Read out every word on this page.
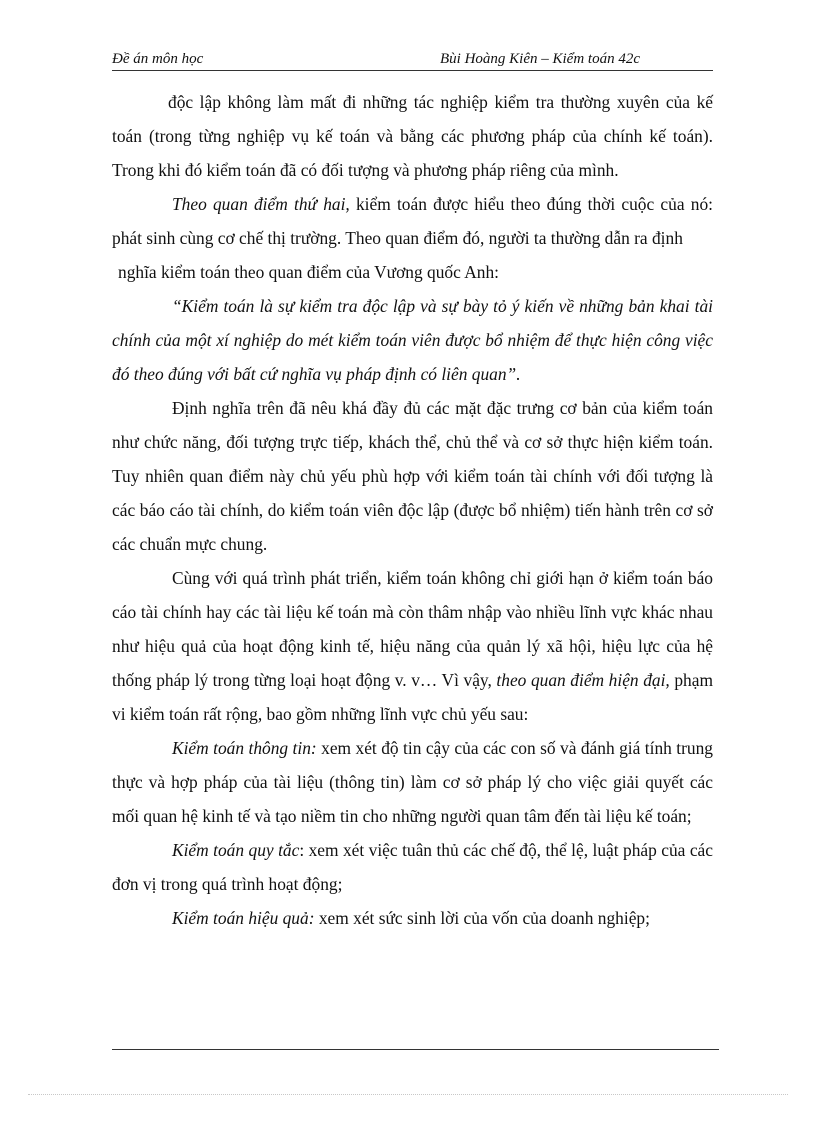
Đề án môn học	Bùi Hoàng Kiên – Kiểm toán 42c

độc lập không làm mất đi những tác nghiệp kiểm tra thường xuyên của kế toán (trong từng nghiệp vụ kế toán và bằng các phương pháp của chính kế toán). Trong khi đó kiểm toán đã có đối tượng và phương pháp riêng của mình.

Theo quan điểm thứ hai, kiểm toán được hiểu theo đúng thời cuộc của nó: phát sinh cùng cơ chế thị trường. Theo quan điểm đó, người ta thường dẫn ra định

nghĩa kiểm toán theo quan điểm của Vương quốc Anh:

“Kiểm toán là sự kiểm tra độc lập và sự bày tỏ ý kiến về những bản khai tài chính của một xí nghiệp do mét kiểm toán viên được bổ nhiệm để thực hiện công việc đó theo đúng với bất cứ nghĩa vụ pháp định có liên quan”.

Định nghĩa trên đã nêu khá đầy đủ các mặt đặc trưng cơ bản của kiểm toán như chức năng, đối tượng trực tiếp, khách thể, chủ thể và cơ sở thực hiện kiểm toán. Tuy nhiên quan điểm này chủ yếu phù hợp với kiểm toán tài chính với đối tượng là các báo cáo tài chính, do kiểm toán viên độc lập (được bổ nhiệm) tiến hành trên cơ sở các chuẩn mực chung.

Cùng với quá trình phát triển, kiểm toán không chỉ giới hạn ở kiểm toán báo cáo tài chính hay các tài liệu kế toán mà còn thâm nhập vào nhiều lĩnh vực khác nhau như hiệu quả của hoạt động kinh tế, hiệu năng của quản lý xã hội, hiệu lực của hệ thống pháp lý trong từng loại hoạt động v. v… Vì vậy, theo quan điểm hiện đại, phạm vi kiểm toán rất rộng, bao gồm những lĩnh vực chủ yếu sau:

Kiểm toán thông tin: xem xét độ tin cậy của các con số và đánh giá tính trung thực và hợp pháp của tài liệu (thông tin) làm cơ sở pháp lý cho việc giải quyết các mối quan hệ kinh tế và tạo niềm tin cho những người quan tâm đến tài liệu kế toán;

Kiểm toán quy tắc: xem xét việc tuân thủ các chế độ, thể lệ, luật pháp của các đơn vị trong quá trình hoạt động;

Kiểm toán hiệu quả: xem xét sức sinh lời của vốn của doanh nghiệp;
